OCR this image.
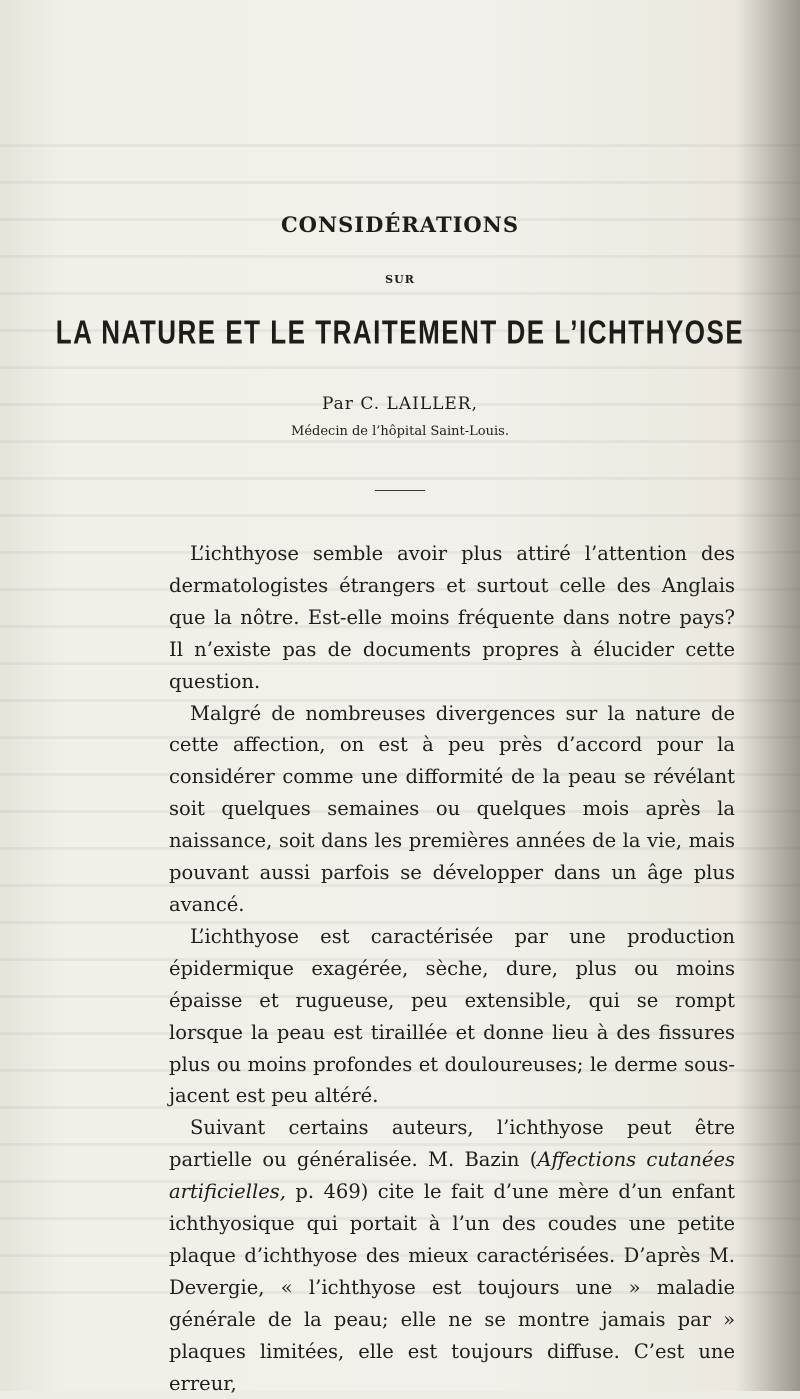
CONSIDÉRATIONS
SUR
LA NATURE ET LE TRAITEMENT DE L’ICHTHYOSE
Par C. LAILLER,
Médecin de l’hôpital Saint-Louis.

L’ichthyose semble avoir plus attiré l’attention des dermatologistes étrangers et surtout celle des Anglais que la nôtre. Est-elle moins fréquente dans notre pays? Il n’existe pas de documents propres à élucider cette question.

Malgré de nombreuses divergences sur la nature de cette affection, on est à peu près d’accord pour la considérer comme une difformité de la peau se révélant soit quelques semaines ou quelques mois après la naissance, soit dans les premières années de la vie, mais pouvant aussi parfois se développer dans un âge plus avancé.

L’ichthyose est caractérisée par une production épidermique exagérée, sèche, dure, plus ou moins épaisse et rugueuse, peu extensible, qui se rompt lorsque la peau est tiraillée et donne lieu à des fissures plus ou moins profondes et douloureuses; le derme sous-jacent est peu altéré.

Suivant certains auteurs, l’ichthyose peut être partielle ou généralisée. M. Bazin (Affections cutanées artificielles, p. 469) cite le fait d’une mère d’un enfant ichthyosique qui portait à l’un des coudes une petite plaque d’ichthyose des mieux caractérisées. D’après M. Devergie, « l’ichthyose est toujours une » maladie générale de la peau; elle ne se montre jamais par » plaques limitées, elle est toujours diffuse. C’est une erreur,
